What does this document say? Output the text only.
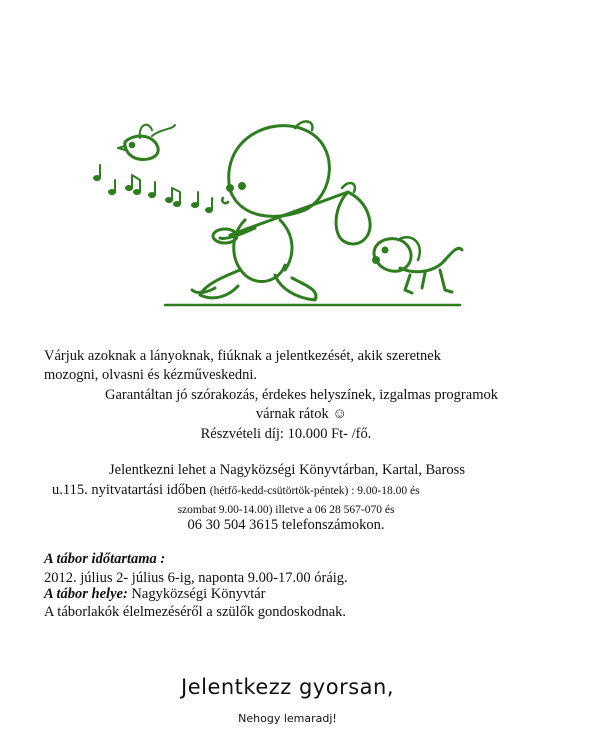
Várjuk azoknak a lányoknak, fiúknak a jelentkezését, akik szeretnek
mozogni, olvasni és kézműveskedni.
Garantáltan jó szórakozás, érdekes helyszínek, izgalmas programok
várnak rátok ☺
Részvételi díj: 10.000 Ft- /fő.
Jelentkezni lehet a Nagyközségi Könyvtárban, Kartal, Baross
u.115. nyitvatartási időben (hétfő-kedd-csütörtök-péntek) : 9.00-18.00 és
szombat 9.00-14.00) illetve a 06 28 567-070 és
06 30 504 3615 telefonszámokon.
A tábor időtartama :
2012. július 2- július 6-ig, naponta 9.00-17.00 óráig.
A tábor helye: Nagyközségi Könyvtár
A táborlakók élelmezéséről a szülők gondoskodnak.
Jelentkezz gyorsan,
Nehogy lemaradj!
